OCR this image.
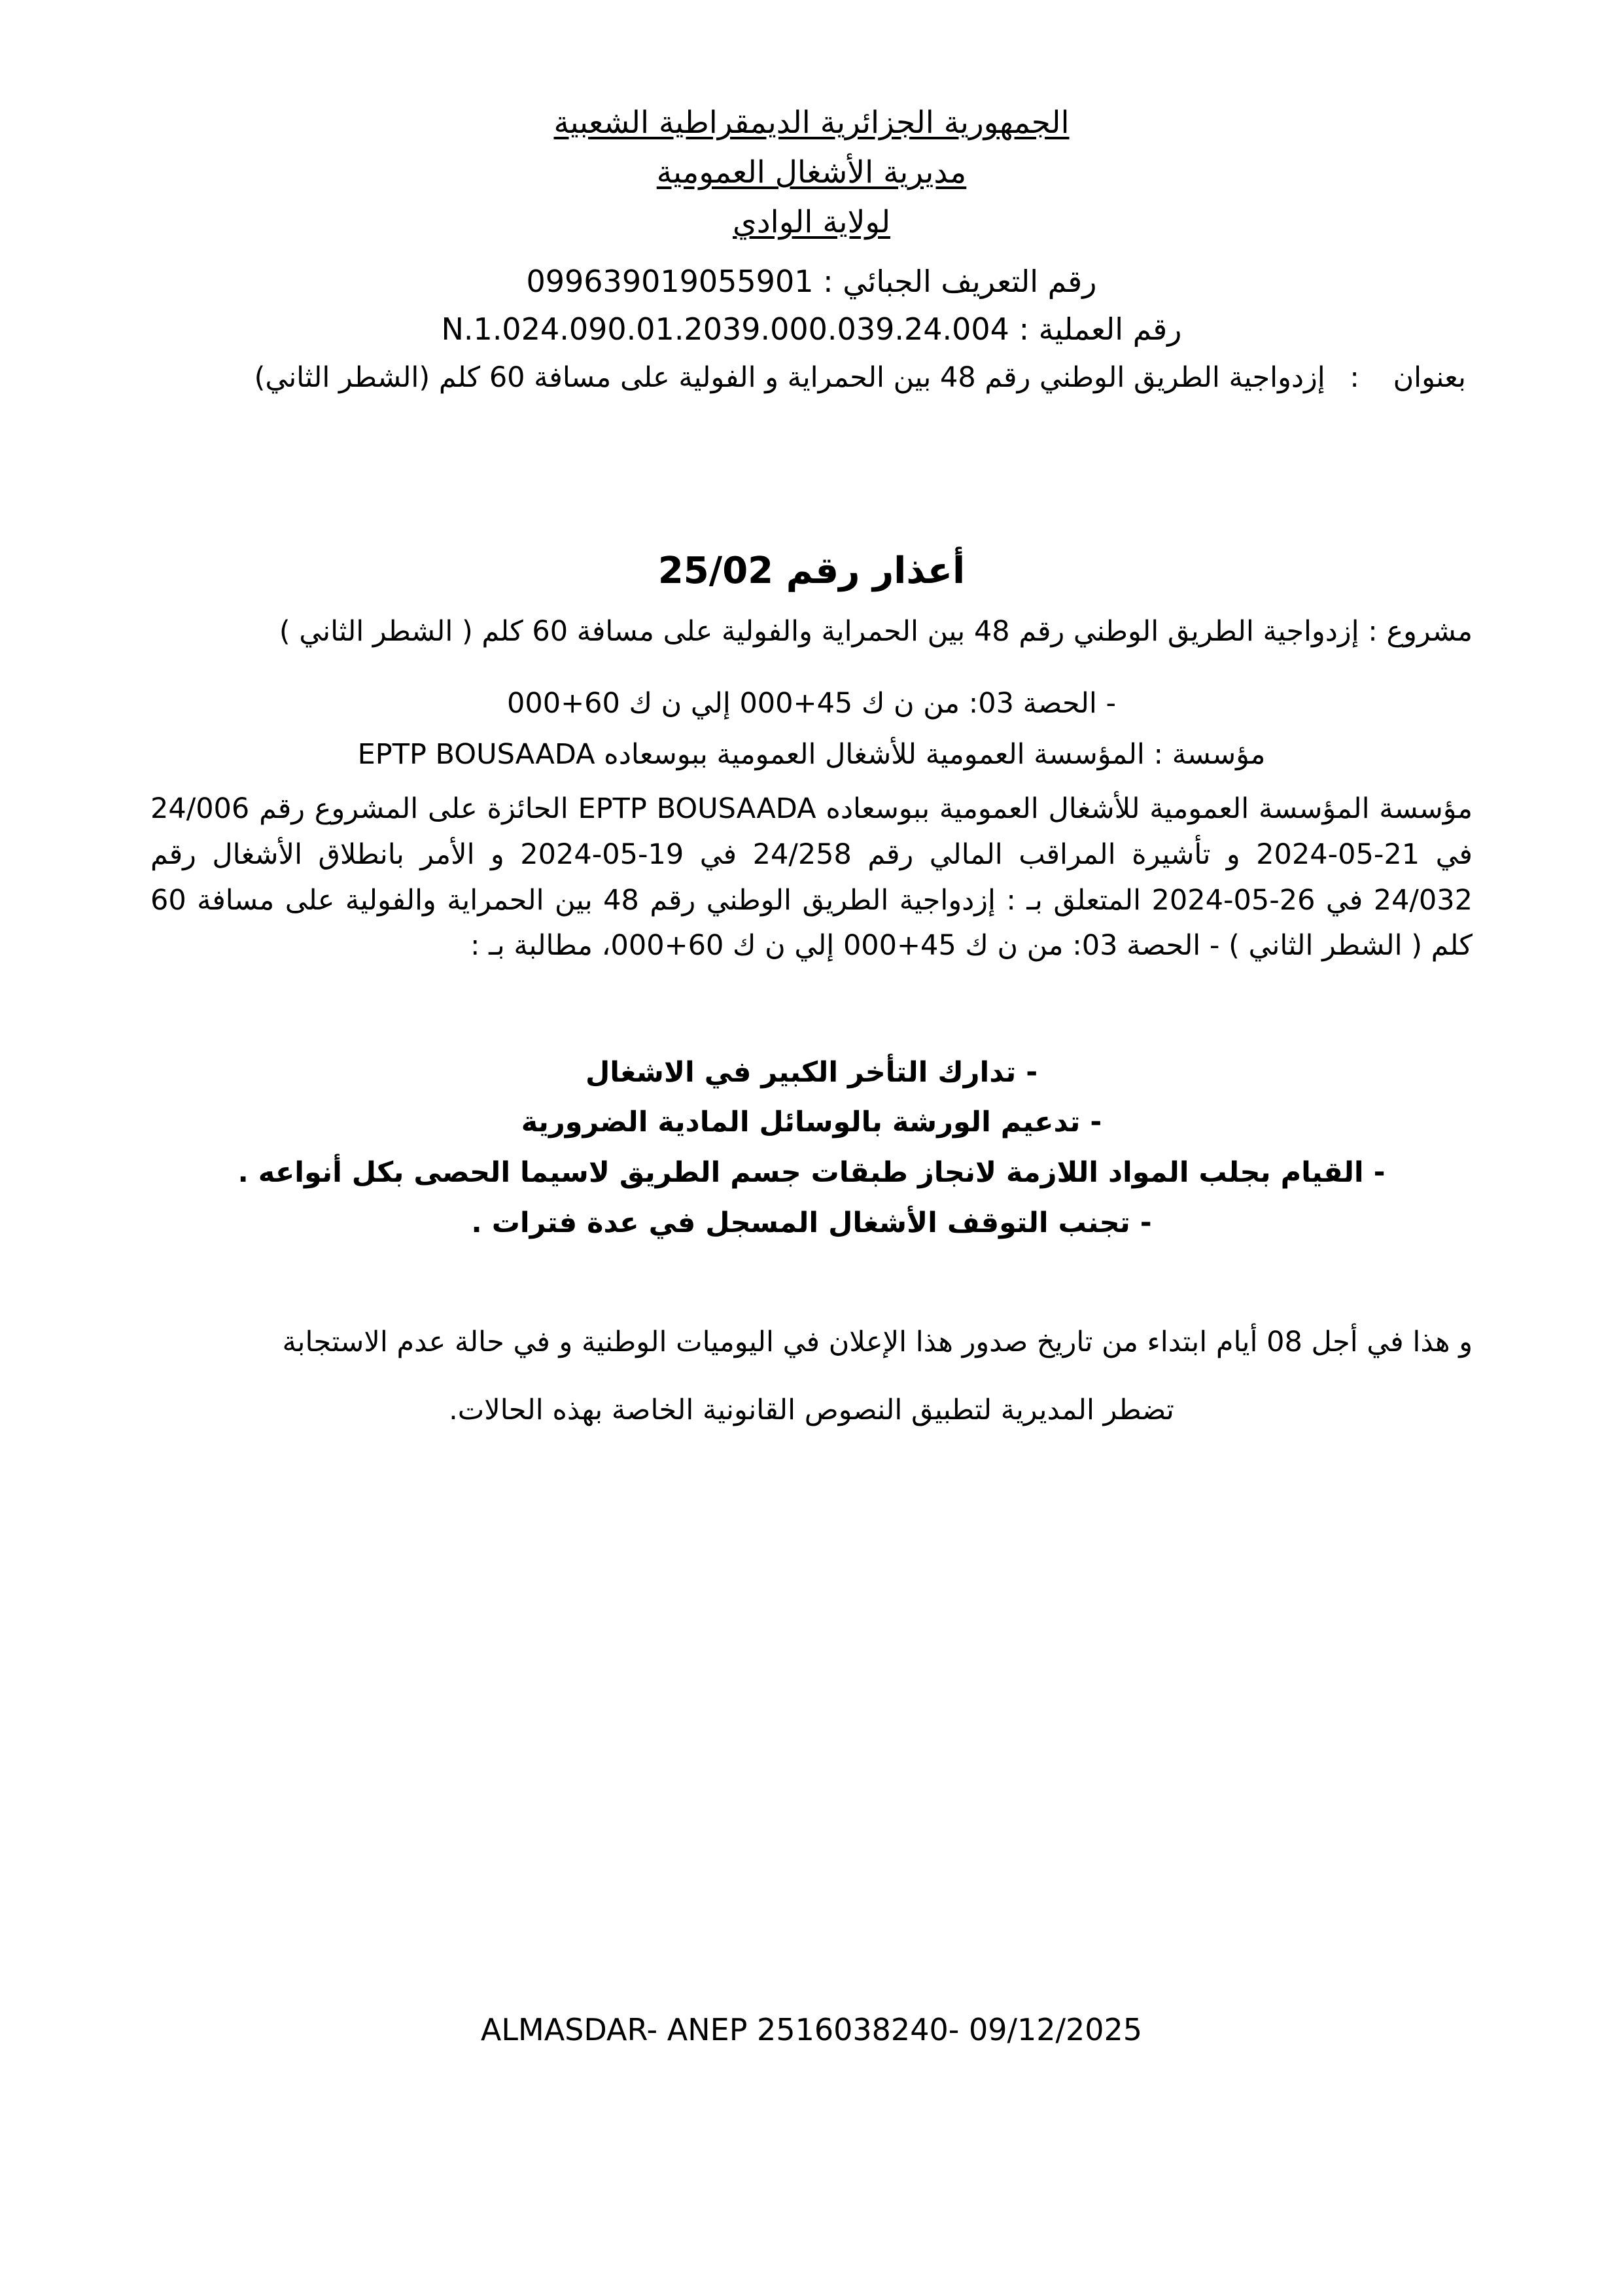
الجمهورية الجزائرية الديمقراطية الشعبية
مديرية الأشغال العمومية
لولاية الوادي
رقم التعريف الجبائي : 099639019055901
رقم العملية : N.1.024.090.01.2039.000.039.24.004
بعنوان : إزدواجية الطريق الوطني رقم 48 بين الحمراية و الفولية على مسافة 60 كلم (الشطر الثاني)
أعذار رقم 25/02
مشروع : إزدواجية الطريق الوطني رقم 48 بين الحمراية والفولية على مسافة 60 كلم ( الشطر الثاني )
- الحصة 03: من ن ك 45+000 إلي ن ك 60+000
مؤسسة : المؤسسة العمومية للأشغال العمومية ببوسعاده EPTP BOUSAADA
مؤسسة المؤسسة العمومية للأشغال العمومية ببوسعاده EPTP BOUSAADA الحائزة على المشروع رقم 24/006 في 21-05-2024 و تأشيرة المراقب المالي رقم 24/258 في 19-05-2024 و الأمر بانطلاق الأشغال رقم 24/032 في 26-05-2024 المتعلق بـ : إزدواجية الطريق الوطني رقم 48 بين الحمراية والفولية على مسافة 60 كلم ( الشطر الثاني ) - الحصة 03: من ن ك 45+000 إلي ن ك 60+000، مطالبة بـ :
- تدارك التأخر الكبير في الاشغال
- تدعيم الورشة بالوسائل المادية الضرورية
- القيام بجلب المواد اللازمة لانجاز طبقات جسم الطريق لاسيما الحصى بكل أنواعه .
- تجنب التوقف الأشغال المسجل في عدة فترات .
و هذا في أجل 08 أيام ابتداء من تاريخ صدور هذا الإعلان في اليوميات الوطنية و في حالة عدم الاستجابة
تضطر المديرية لتطبيق النصوص القانونية الخاصة بهذه الحالات.
ALMASDAR- ANEP 2516038240- 09/12/2025
